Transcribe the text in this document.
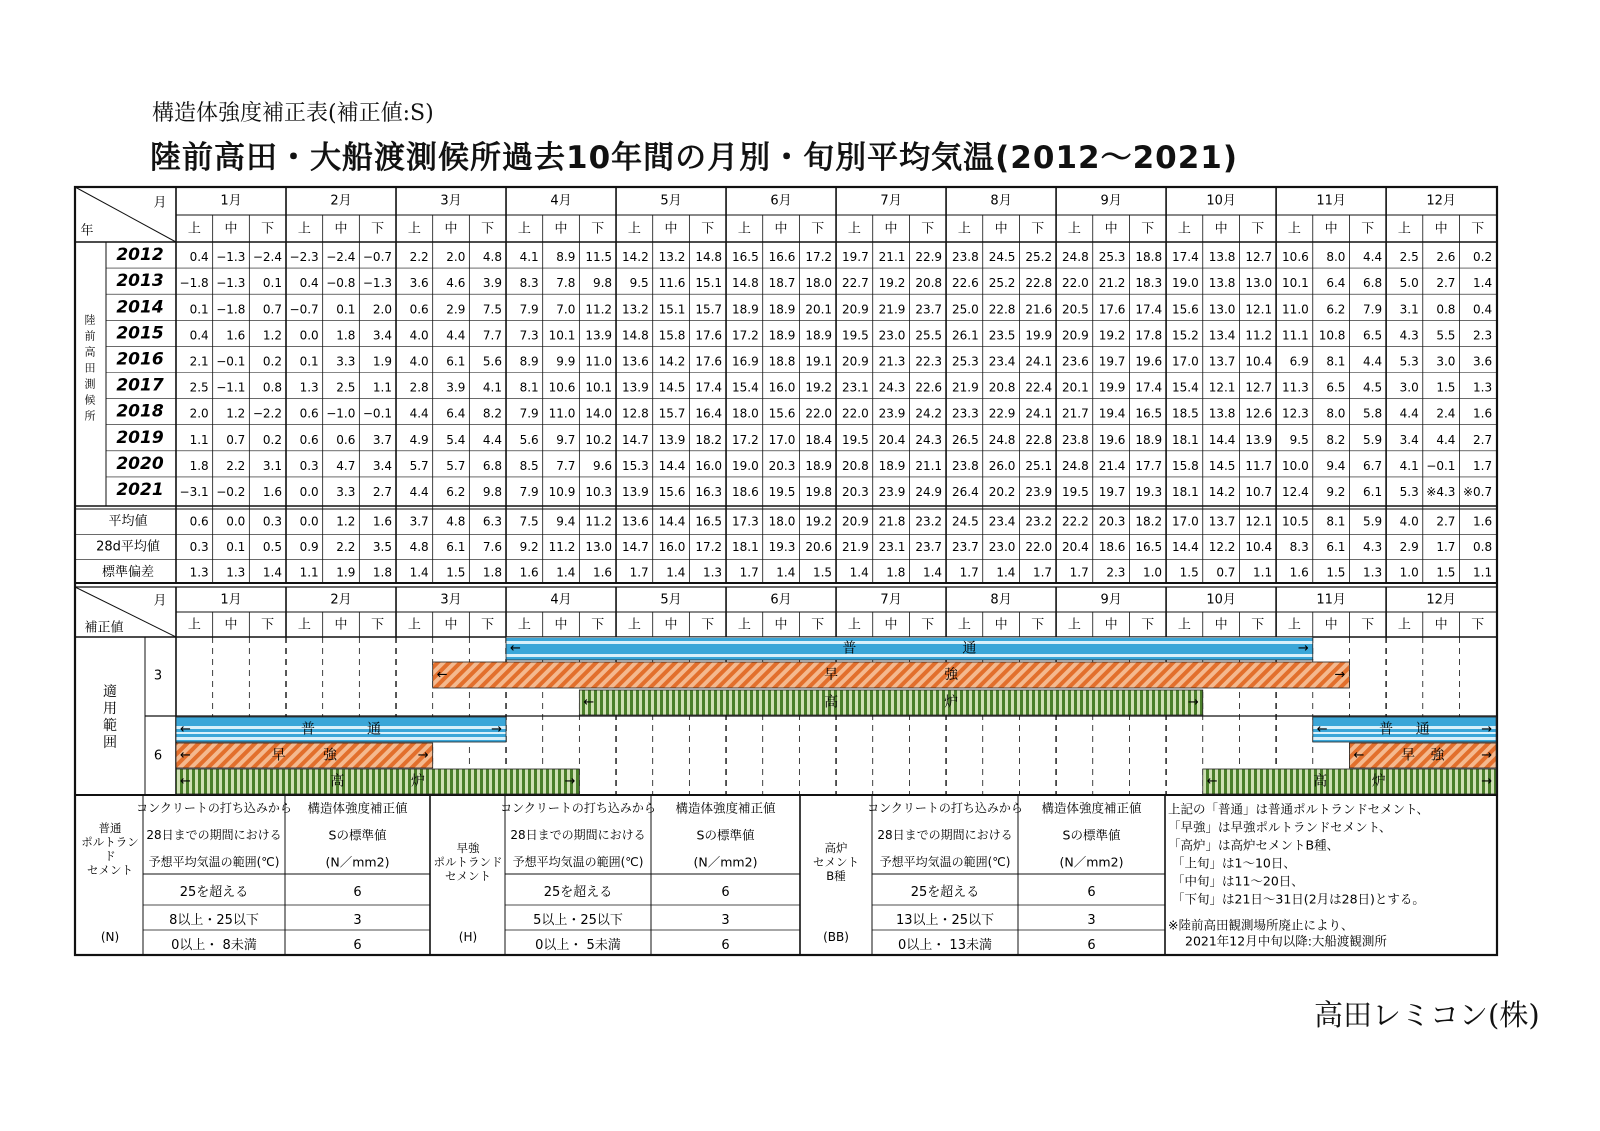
構造体強度補正表(補正値:S)
陸前高田・大船渡測候所過去10年間の月別・旬別平均気温(2012～2021)
高田レミコン(株)
1月
上 中 下
2月
上 中 下
3月
上 中 下
4月
上 中 下
5月
上 中 下
6月
上 中 下
7月
上 中 下
8月
上 中 下
9月
上 中 下
10月
上 中 下
11月
上 中 下
12月
上 中 下
月
年
陸
前
高
田
測
候
所
2012 0.4 −1.3 −2.4 −2.3 −2.4 −0.7 2.2 2.0 4.8 4.1 8.9 11.5 14.2 13.2 14.8 16.5 16.6 17.2 19.7 21.1 22.9 23.8 24.5 25.2 24.8 25.3 18.8 17.4 13.8 12.7 10.6 8.0 4.4 2.5 2.6 0.2
2013 −1.8 −1.3 0.1 0.4 −0.8 −1.3 3.6 4.6 3.9 8.3 7.8 9.8 9.5 11.6 15.1 14.8 18.7 18.0 22.7 19.2 20.8 22.6 25.2 22.8 22.0 21.2 18.3 19.0 13.8 13.0 10.1 6.4 6.8 5.0 2.7 1.4
2014 0.1 −1.8 0.7 −0.7 0.1 2.0 0.6 2.9 7.5 7.9 7.0 11.2 13.2 15.1 15.7 18.9 18.9 20.1 20.9 21.9 23.7 25.0 22.8 21.6 20.5 17.6 17.4 15.6 13.0 12.1 11.0 6.2 7.9 3.1 0.8 0.4
2015 0.4 1.6 1.2 0.0 1.8 3.4 4.0 4.4 7.7 7.3 10.1 13.9 14.8 15.8 17.6 17.2 18.9 18.9 19.5 23.0 25.5 26.1 23.5 19.9 20.9 19.2 17.8 15.2 13.4 11.2 11.1 10.8 6.5 4.3 5.5 2.3
2016 2.1 −0.1 0.2 0.1 3.3 1.9 4.0 6.1 5.6 8.9 9.9 11.0 13.6 14.2 17.6 16.9 18.8 19.1 20.9 21.3 22.3 25.3 23.4 24.1 23.6 19.7 19.6 17.0 13.7 10.4 6.9 8.1 4.4 5.3 3.0 3.6
2017 2.5 −1.1 0.8 1.3 2.5 1.1 2.8 3.9 4.1 8.1 10.6 10.1 13.9 14.5 17.4 15.4 16.0 19.2 23.1 24.3 22.6 21.9 20.8 22.4 20.1 19.9 17.4 15.4 12.1 12.7 11.3 6.5 4.5 3.0 1.5 1.3
2018 2.0 1.2 −2.2 0.6 −1.0 −0.1 4.4 6.4 8.2 7.9 11.0 14.0 12.8 15.7 16.4 18.0 15.6 22.0 22.0 23.9 24.2 23.3 22.9 24.1 21.7 19.4 16.5 18.5 13.8 12.6 12.3 8.0 5.8 4.4 2.4 1.6
2019 1.1 0.7 0.2 0.6 0.6 3.7 4.9 5.4 4.4 5.6 9.7 10.2 14.7 13.9 18.2 17.2 17.0 18.4 19.5 20.4 24.3 26.5 24.8 22.8 23.8 19.6 18.9 18.1 14.4 13.9 9.5 8.2 5.9 3.4 4.4 2.7
2020 1.8 2.2 3.1 0.3 4.7 3.4 5.7 5.7 6.8 8.5 7.7 9.6 15.3 14.4 16.0 19.0 20.3 18.9 20.8 18.9 21.1 23.8 26.0 25.1 24.8 21.4 17.7 15.8 14.5 11.7 10.0 9.4 6.7 4.1 −0.1 1.7
2021 −3.1 −0.2 1.6 0.0 3.3 2.7 4.4 6.2 9.8 7.9 10.9 10.3 13.9 15.6 16.3 18.6 19.5 19.8 20.3 23.9 24.9 26.4 20.2 23.9 19.5 19.7 19.3 18.1 14.2 10.7 12.4 9.2 6.1 5.3 ※4.3 ※0.7
平均値	0.6 0.0 0.3 0.0 1.2 1.6 3.7 4.8 6.3 7.5 9.4 11.2 13.6 14.4 16.5 17.3 18.0 19.2 20.9 21.8 23.2 24.5 23.4 23.2 22.2 20.3 18.2 17.0 13.7 12.1 10.5 8.1 5.9 4.0 2.7 1.6
28d平均値 0.3 0.1 0.5 0.9 2.2 3.5 4.8 6.1 7.6 9.2 11.2 13.0 14.7 16.0 17.2 18.1 19.3 20.6 21.9 23.1 23.7 23.7 23.0 22.0 20.4 18.6 16.5 14.4 12.2 10.4 8.3 6.1 4.3 2.9 1.7 0.8
標準偏差	1.3 1.3 1.4 1.1 1.9 1.8 1.4 1.5 1.8 1.6 1.4 1.6 1.7 1.4 1.3 1.7 1.4 1.5 1.4 1.8 1.4 1.7 1.4 1.7 1.7 2.3 1.0 1.5 0.7 1.1 1.6 1.5 1.3 1.0 1.5 1.1
月
補正値
1月
上 中 下
2月
上 中 下
3月
上 中 下
4月
上 中 下
5月
上 中 下
6月
上 中 下
7月
上 中 下
8月
上 中 下
9月
上 中 下
10月
上 中 下
11月
上 中 下
12月
上 中 下
適
用
範
囲
3
6
←	→
普	通
←	→
早	強
←	→
高	炉
←	→
普	通	←	→
普 通
←	→
早	強	←	→
早 強
←	→
高	炉	←	→
高	炉
普通
ポルトラン
ド
セメント
(N)
コンクリートの打ち込みから
28日までの期間における
予想平均気温の範囲(℃)
構造体強度補正値
Sの標準値
(N／mm2)
25を超える	6
8以上・25以下	3
0以上・ 8未満	6
早強
ポルトランド
セメント
(H)
コンクリートの打ち込みから
28日までの期間における
予想平均気温の範囲(℃)
構造体強度補正値
Sの標準値
(N／mm2)
25を超える	6
5以上・25以下	3
0以上・ 5未満	6
高炉
セメント
B種
(BB)
コンクリートの打ち込みから
28日までの期間における
予想平均気温の範囲(℃)
構造体強度補正値
Sの標準値
(N／mm2)
25を超える	6
13以上・25以下	3
0以上・ 13未満	6
上記の「普通」は普通ポルトランドセメント、
「早強」は早強ポルトランドセメント、
「高炉」は高炉セメントB種、
「上旬」は1～10日、
「中旬」は11～20日、
「下旬」は21日～31日(2月は28日)とする。
※陸前高田観測場所廃止により、
2021年12月中旬以降:大船渡観測所
